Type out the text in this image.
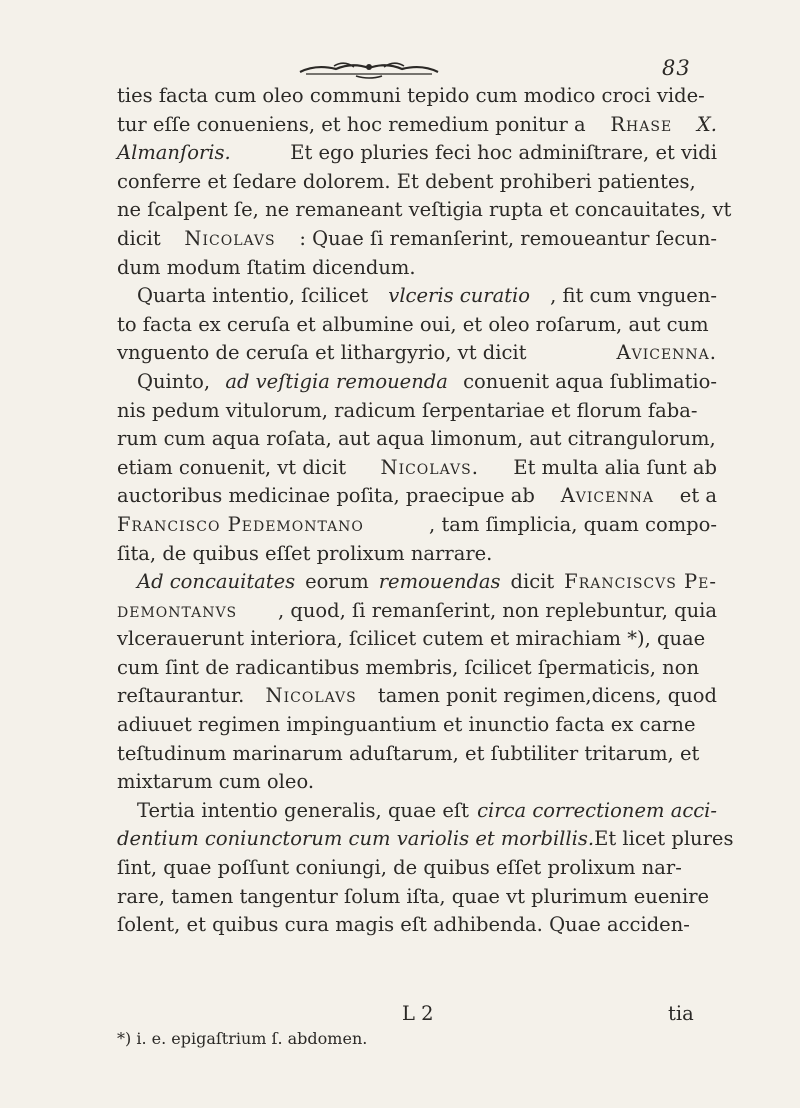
83
ties facta cum oleo communi tepido cum modico croci vide-
tur eſſe conueniens, et hoc remedium ponitur a Rhase X.
Almanſoris.	Et ego pluries feci hoc adminiſtrare, et vidi
conferre et ſedare dolorem. Et debent prohiberi patientes,
ne ſcalpent ſe, ne remaneant veſtigia rupta et concauitates, vt
dicit Nicolavs : Quae ſi remanſerint, remoueantur ſecun-
dum modum ſtatim dicendum.
Quarta intentio, ſcilicet vlceris curatio , fit cum vnguen-
to facta ex ceruſa et albumine oui, et oleo roſarum, aut cum
vnguento de ceruſa et lithargyrio, vt dicit	Avicenna.
Quinto, ad veſtigia remouenda conuenit aqua ſublimatio-
nis pedum vitulorum, radicum ſerpentariae et florum faba-
rum cum aqua roſata, aut aqua limonum, aut citrangulorum,
etiam conuenit, vt dicit Nicolavs. Et multa alia ſunt ab
auctoribus medicinae poſita, praecipue ab Avicenna et a
Francisco Pedemontano	, tam ſimplicia, quam compo-
ſita, de quibus eſſet prolixum narrare.
Ad concauitates eorum remouendas dicit Franciscvs Pe-
demontanvs , quod, ſi remanſerint, non replebuntur, quia
vlcerauerunt interiora, ſcilicet cutem et mirachiam *), quae
cum ſint de radicantibus membris, ſcilicet ſpermaticis, non
reſtaurantur. Nicolavs tamen ponit regimen,dicens, quod
adiuuet regimen impinguantium et inunctio facta ex carne
teſtudinum marinarum aduſtarum, et ſubtiliter tritarum, et
mixtarum cum oleo.
Tertia intentio generalis, quae eſt circa correctionem acci-
dentium coniunctorum cum variolis et morbillis. Et licet plures
ſint, quae poſſunt coniungi, de quibus eſſet prolixum nar-
rare, tamen tangentur ſolum iſta, quae vt plurimum euenire
ſolent, et quibus cura magis eſt adhibenda. Quae acciden-
L 2	tia
*) i. e. epigaſtrium ſ. abdomen.
